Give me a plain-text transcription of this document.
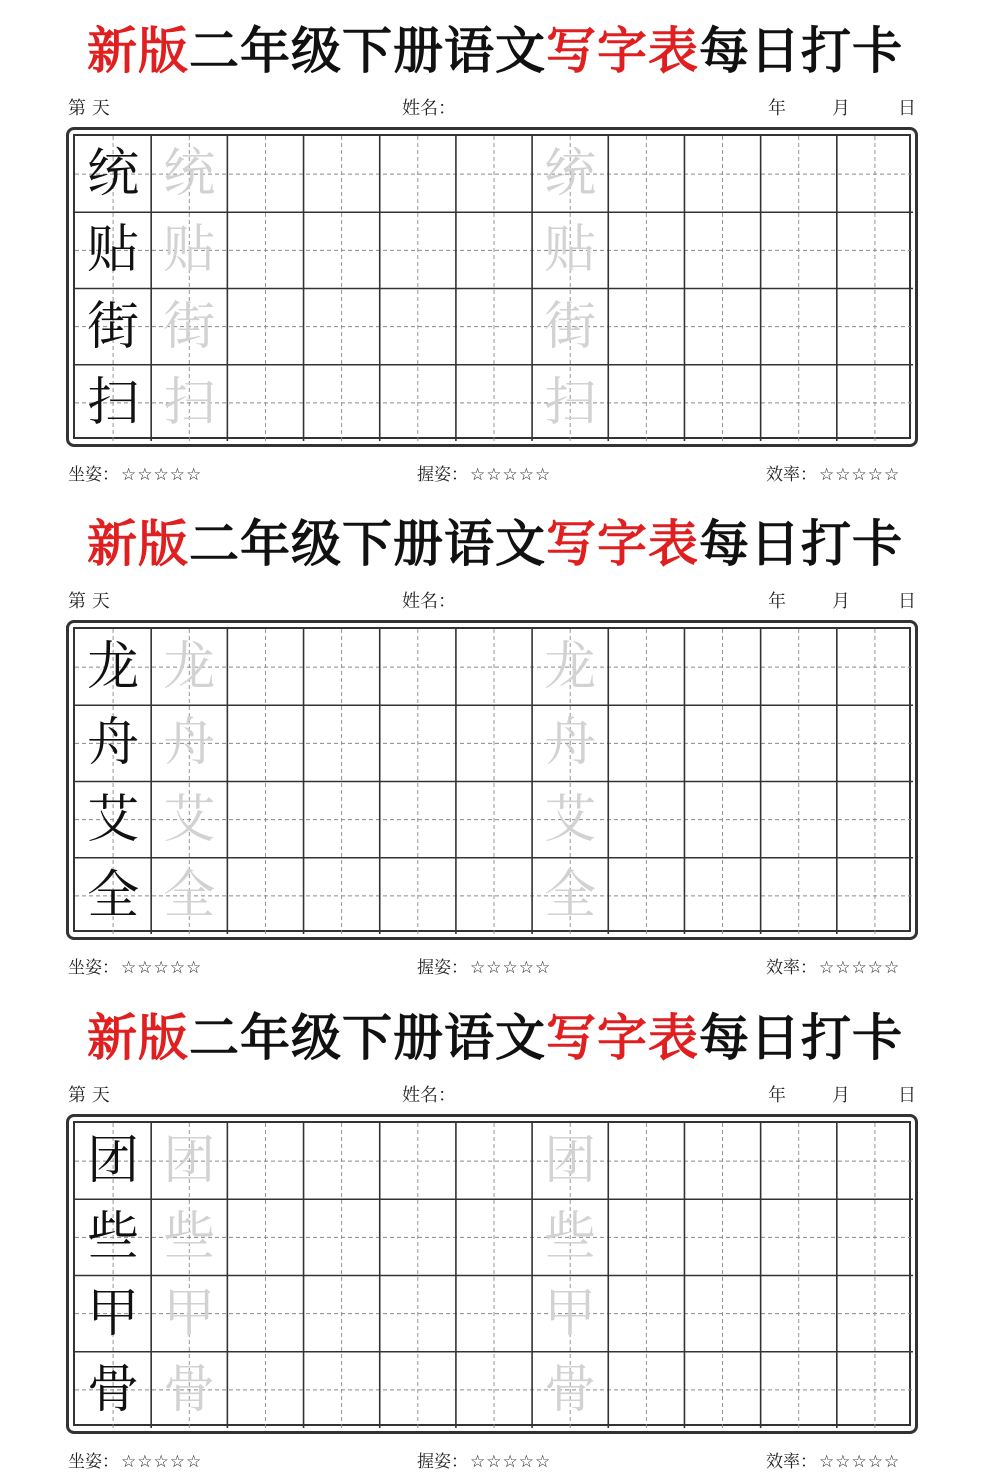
新版二年级下册语文写字表每日打卡
第 天	姓名：	年	月	日
统 统	统
贴 贴	贴
街 街	街
扫 扫	扫
坐姿： ☆☆☆☆☆	握姿： ☆☆☆☆☆	效率： ☆☆☆☆☆
新版二年级下册语文写字表每日打卡
第 天	姓名：	年	月	日
龙 龙	龙
舟 舟	舟
艾 艾	艾
全 全	全
坐姿： ☆☆☆☆☆	握姿： ☆☆☆☆☆	效率： ☆☆☆☆☆
新版二年级下册语文写字表每日打卡
第 天	姓名：	年	月	日
团 团	团
些 些	些
甲 甲	甲
骨 骨	骨
坐姿： ☆☆☆☆☆	握姿： ☆☆☆☆☆	效率： ☆☆☆☆☆
